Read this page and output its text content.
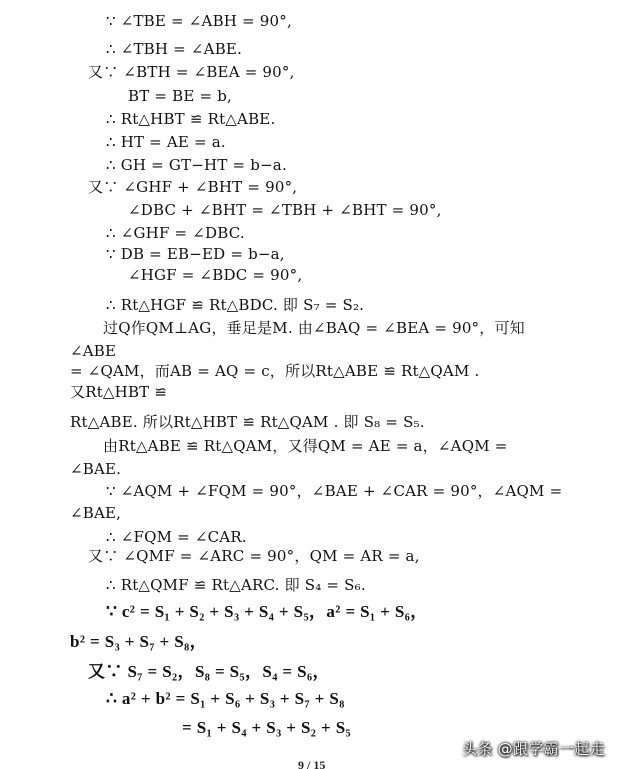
∵ ∠TBE = ∠ABH = 90°,
∴ ∠TBH = ∠ABE.
又∵ ∠BTH = ∠BEA = 90°,
BT = BE = b,
∴ Rt△HBT ≌ Rt△ABE.
∴ HT = AE = a.
∴ GH = GT−HT = b−a.
又∵ ∠GHF + ∠BHT = 90°,
∠DBC + ∠BHT = ∠TBH + ∠BHT = 90°,
∴ ∠GHF = ∠DBC.
∵ DB = EB−ED = b−a,
∠HGF = ∠BDC = 90°,
∴ Rt△HGF ≌ Rt△BDC. 即 S₇ = S₂.
过Q作QM⊥AG，垂足是M. 由∠BAQ = ∠BEA = 90°，可知
∠ABE
= ∠QAM，而AB = AQ = c，所以Rt△ABE ≌ Rt△QAM .
又Rt△HBT ≌
Rt△ABE. 所以Rt△HBT ≌ Rt△QAM . 即 S₈ = S₅.
由Rt△ABE ≌ Rt△QAM，又得QM = AE = a，∠AQM =
∠BAE.
∵ ∠AQM + ∠FQM = 90°，∠BAE + ∠CAR = 90°，∠AQM =
∠BAE,
∴ ∠FQM = ∠CAR.
又∵ ∠QMF = ∠ARC = 90°，QM = AR = a,
∴ Rt△QMF ≌ Rt△ARC. 即 S₄ = S₆.
∵ c² = S₁ + S₂ + S₃ + S₄ + S₅，a² = S₁ + S₆，
b² = S₃ + S₇ + S₈，
又∵ S₇ = S₂，S₈ = S₅，S₄ = S₆，
∴ a² + b² = S₁ + S₆ + S₃ + S₇ + S₈
= S₁ + S₄ + S₃ + S₂ + S₅
9 / 15
头条 @跟学霸一起走
